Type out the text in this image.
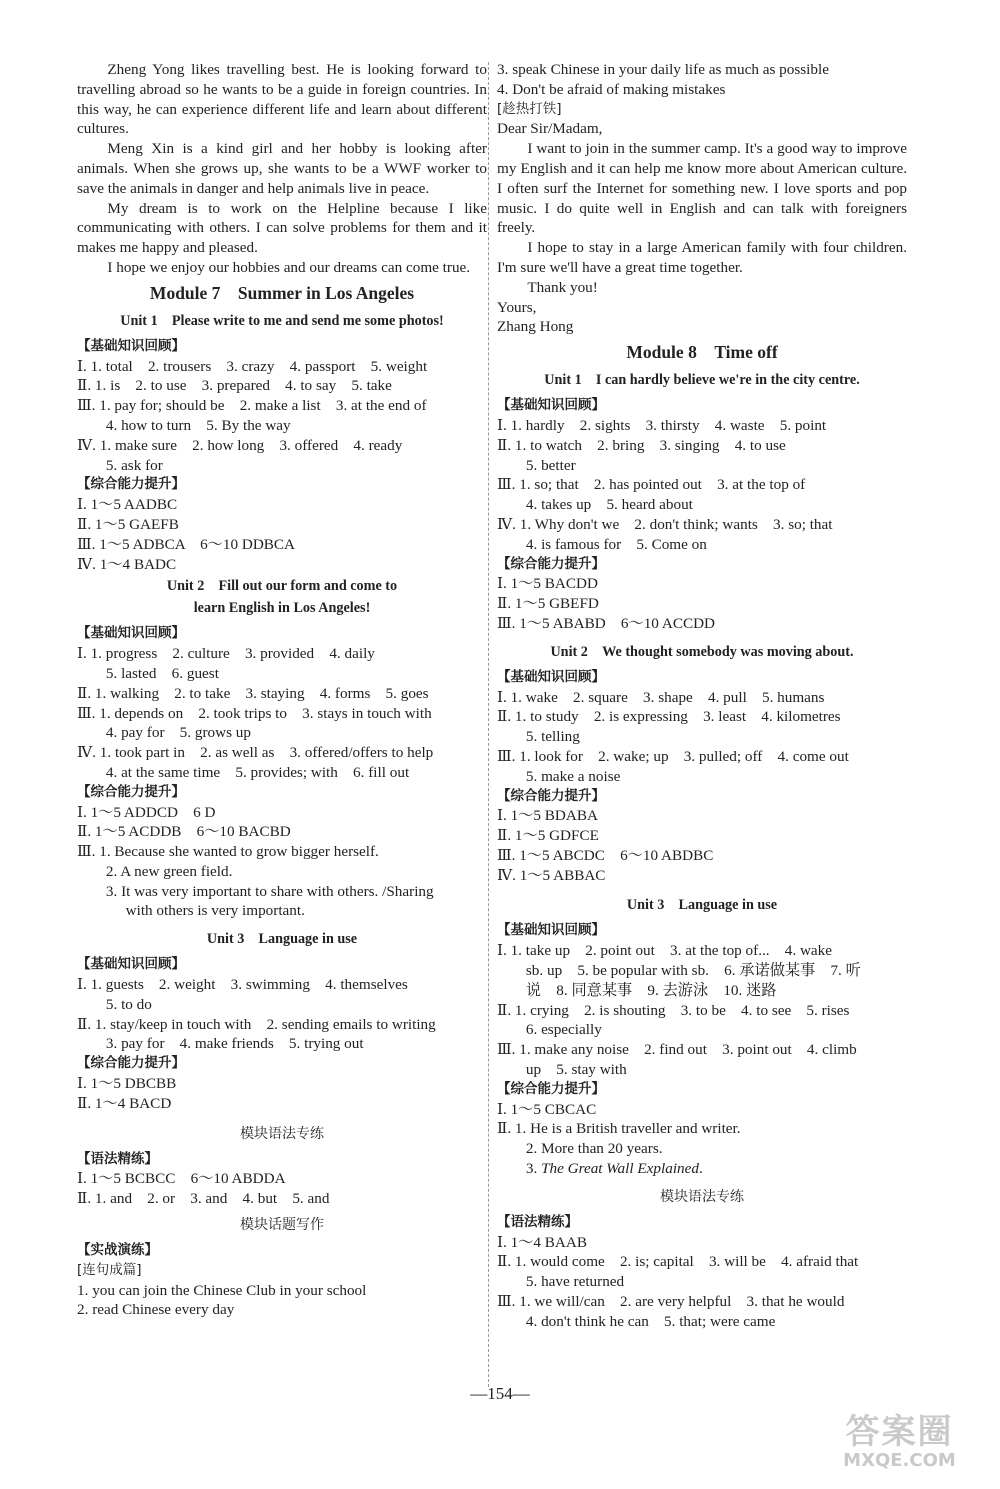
Zheng Yong likes travelling best. He is looking forward to travelling abroad so he wants to be a guide in foreign countries. In this way, he can experience different life and learn about different cultures.
Meng Xin is a kind girl and her hobby is looking after animals. When she grows up, she wants to be a WWF worker to save the animals in danger and help animals live in peace.
My dream is to work on the Helpline because I like communicating with others. I can solve problems for them and it makes me happy and pleased.
I hope we enjoy our hobbies and our dreams can come true.
Module 7　Summer in Los Angeles
Unit 1　Please write to me and send me some photos!
【基础知识回顾】
Ⅰ. 1. total　2. trousers　3. crazy　4. passport　5. weight
Ⅱ. 1. is　2. to use　3. prepared　4. to say　5. take
Ⅲ. 1. pay for; should be　2. make a list　3. at the end of
4. how to turn　5. By the way
Ⅳ. 1. make sure　2. how long　3. offered　4. ready
5. ask for
【综合能力提升】
Ⅰ. 1～5 AADBC
Ⅱ. 1～5 GAEFB
Ⅲ. 1～5 ADBCA　6～10 DDBCA
Ⅳ. 1～4 BADC
Unit 2　Fill out our form and come to
learn English in Los Angeles!
【基础知识回顾】
Ⅰ. 1. progress　2. culture　3. provided　4. daily
5. lasted　6. guest
Ⅱ. 1. walking　2. to take　3. staying　4. forms　5. goes
Ⅲ. 1. depends on　2. took trips to　3. stays in touch with
4. pay for　5. grows up
Ⅳ. 1. took part in　2. as well as　3. offered/offers to help
4. at the same time　5. provides; with　6. fill out
【综合能力提升】
Ⅰ. 1～5 ADDCD　6 D
Ⅱ. 1～5 ACDDB　6～10 BACBD
Ⅲ. 1. Because she wanted to grow bigger herself.
2. A new green field.
3. It was very important to share with others. /Sharing
with others is very important.
Unit 3　Language in use
【基础知识回顾】
Ⅰ. 1. guests　2. weight　3. swimming　4. themselves
5. to do
Ⅱ. 1. stay/keep in touch with　2. sending emails to writing
3. pay for　4. make friends　5. trying out
【综合能力提升】
Ⅰ. 1～5 DBCBB
Ⅱ. 1～4 BACD
模块语法专练
【语法精练】
Ⅰ. 1～5 BCBCC　6～10 ABDDA
Ⅱ. 1. and　2. or　3. and　4. but　5. and
模块话题写作
【实战演练】
[连句成篇]
1. you can join the Chinese Club in your school
2. read Chinese every day
3. speak Chinese in your daily life as much as possible
4. Don't be afraid of making mistakes
[趁热打铁]
Dear Sir/Madam,
I want to join in the summer camp. It's a good way to improve my English and it can help me know more about American culture. I often surf the Internet for something new. I love sports and pop music. I do quite well in English and can talk with foreigners freely.
I hope to stay in a large American family with four children. I'm sure we'll have a great time together.
Thank you!
Yours,
Zhang Hong
Module 8　Time off
Unit 1　I can hardly believe we're in the city centre.
【基础知识回顾】
Ⅰ. 1. hardly　2. sights　3. thirsty　4. waste　5. point
Ⅱ. 1. to watch　2. bring　3. singing　4. to use
5. better
Ⅲ. 1. so; that　2. has pointed out　3. at the top of
4. takes up　5. heard about
Ⅳ. 1. Why don't we　2. don't think; wants　3. so; that
4. is famous for　5. Come on
【综合能力提升】
Ⅰ. 1～5 BACDD
Ⅱ. 1～5 GBEFD
Ⅲ. 1～5 ABABD　6～10 ACCDD
Unit 2　We thought somebody was moving about.
【基础知识回顾】
Ⅰ. 1. wake　2. square　3. shape　4. pull　5. humans
Ⅱ. 1. to study　2. is expressing　3. least　4. kilometres
5. telling
Ⅲ. 1. look for　2. wake; up　3. pulled; off　4. come out
5. make a noise
【综合能力提升】
Ⅰ. 1～5 BDABA
Ⅱ. 1～5 GDFCE
Ⅲ. 1～5 ABCDC　6～10 ABDBC
Ⅳ. 1～5 ABBAC
Unit 3　Language in use
【基础知识回顾】
Ⅰ. 1. take up　2. point out　3. at the top of...　4. wake
sb. up　5. be popular with sb.　6. 承诺做某事　7. 听
说　8. 同意某事　9. 去游泳　10. 迷路
Ⅱ. 1. crying　2. is shouting　3. to be　4. to see　5. rises
6. especially
Ⅲ. 1. make any noise　2. find out　3. point out　4. climb
up　5. stay with
【综合能力提升】
Ⅰ. 1～5 CBCAC
Ⅱ. 1. He is a British traveller and writer.
2. More than 20 years.
3. The Great Wall Explained.
模块语法专练
【语法精练】
Ⅰ. 1～4 BAAB
Ⅱ. 1. would come　2. is; capital　3. will be　4. afraid that
5. have returned
Ⅲ. 1. we will/can　2. are very helpful　3. that he would
4. don't think he can　5. that; were came
—154—
答案圈
MXQE.COM
